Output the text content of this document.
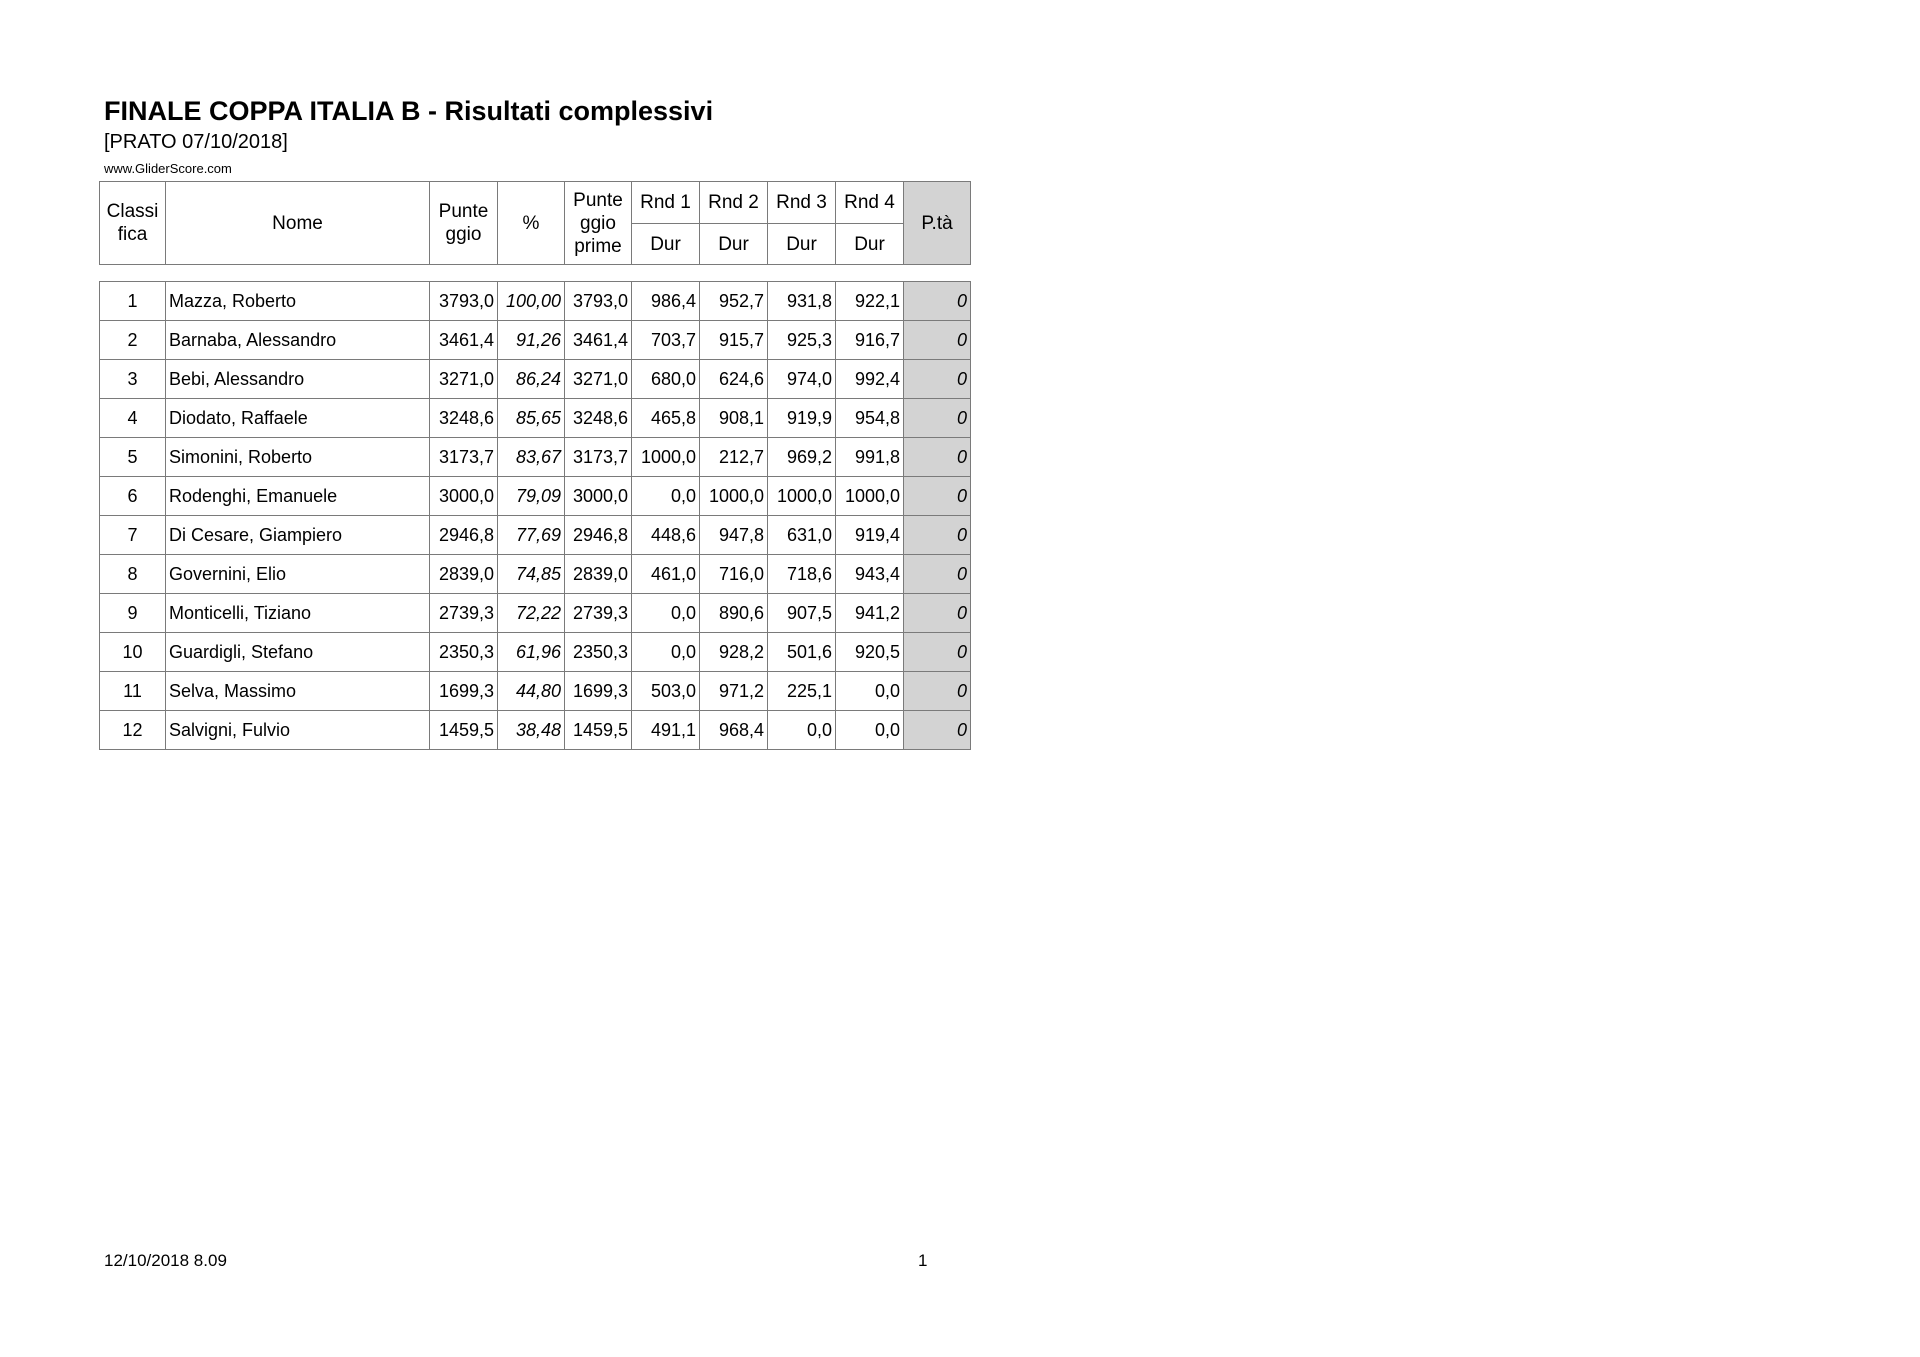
FINALE COPPA ITALIA B - Risultati complessivi
[PRATO 07/10/2018]
www.GliderScore.com
Classi
fica	Nome	Punte
ggio	%	Punte
ggio
prime	Rnd 1	Rnd 2	Rnd 3	Rnd 4	P.tà
					Dur	Dur	Dur	Dur	
1	Mazza, Roberto	3793,0	100,00	3793,0	986,4	952,7	931,8	922,1	0
2	Barnaba, Alessandro	3461,4	91,26	3461,4	703,7	915,7	925,3	916,7	0
3	Bebi, Alessandro	3271,0	86,24	3271,0	680,0	624,6	974,0	992,4	0
4	Diodato, Raffaele	3248,6	85,65	3248,6	465,8	908,1	919,9	954,8	0
5	Simonini, Roberto	3173,7	83,67	3173,7	1000,0	212,7	969,2	991,8	0
6	Rodenghi, Emanuele	3000,0	79,09	3000,0	0,0	1000,0	1000,0	1000,0	0
7	Di Cesare, Giampiero	2946,8	77,69	2946,8	448,6	947,8	631,0	919,4	0
8	Governini, Elio	2839,0	74,85	2839,0	461,0	716,0	718,6	943,4	0
9	Monticelli, Tiziano	2739,3	72,22	2739,3	0,0	890,6	907,5	941,2	0
10	Guardigli, Stefano	2350,3	61,96	2350,3	0,0	928,2	501,6	920,5	0
11	Selva, Massimo	1699,3	44,80	1699,3	503,0	971,2	225,1	0,0	0
12	Salvigni, Fulvio	1459,5	38,48	1459,5	491,1	968,4	0,0	0,0	0
12/10/2018 8.09	1
